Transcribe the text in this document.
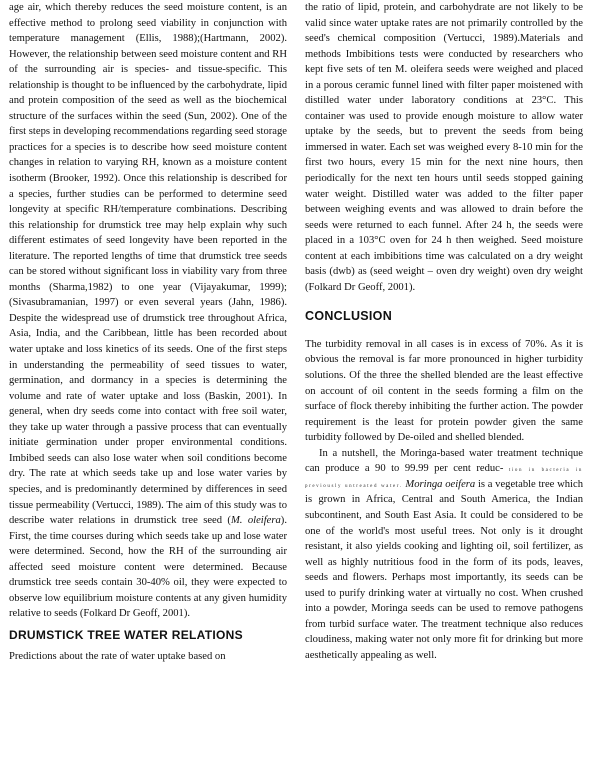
age air, which thereby reduces the seed moisture content, is an effective method to prolong seed viability in conjunction with temperature management (Ellis, 1988);(Hartmann, 2002). However, the relationship between seed moisture content and RH of the surrounding air is species- and tissue-specific. This relationship is thought to be influenced by the carbohydrate, lipid and protein composition of the seed as well as the biochemical structure of the surfaces within the seed (Sun, 2002). One of the first steps in developing recommendations regarding seed storage practices for a species is to describe how seed moisture content changes in relation to varying RH, known as a moisture content isotherm (Brooker, 1992). Once this relationship is described for a species, further studies can be performed to determine seed longevity at specific RH/temperature combinations. Describing this relationship for drumstick tree may help explain why such different estimates of seed longevity have been reported in the literature. The reported lengths of time that drumstick tree seeds can be stored without significant loss in viability vary from three months (Sharma,1982) to one year (Vijayakumar, 1999); (Sivasubramanian, 1997) or even several years (Jahn, 1986). Despite the widespread use of drumstick tree throughout Africa, Asia, India, and the Caribbean, little has been recorded about water uptake and loss kinetics of its seeds. One of the first steps in understanding the permeability of seed tissues to water, germination, and dormancy in a species is determining the volume and rate of water uptake and loss (Baskin, 2001). In general, when dry seeds come into contact with free soil water, they take up water through a passive process that can eventually initiate germination under proper environmental conditions. Imbibed seeds can also lose water when soil conditions become dry. The rate at which seeds take up and lose water varies by species, and is predominantly determined by differences in seed tissue permeability (Vertucci, 1989). The aim of this study was to describe water relations in drumstick tree seed (M. oleifera). First, the time courses during which seeds take up and lose water were determined. Second, how the RH of the surrounding air affected seed moisture content were determined. Because drumstick tree seeds contain 30-40% oil, they were expected to observe low equilibrium moisture contents at any given humidity relative to seeds (Folkard Dr Geoff, 2001).

DRUMSTICK TREE WATER RELATIONS

Predictions about the rate of water uptake based on

the ratio of lipid, protein, and carbohydrate are not likely to be valid since water uptake rates are not primarily controlled by the seed's chemical composition (Vertucci, 1989).Materials and methods Imbibitions tests were conducted by researchers who kept five sets of ten M. oleifera seeds were weighed and placed in a porous ceramic funnel lined with filter paper moistened with distilled water under laboratory conditions at 23°C. This container was used to provide enough moisture to allow water uptake by the seeds, but to prevent the seeds from being immersed in water. Each set was weighed every 8-10 min for the first two hours, every 15 min for the next nine hours, then periodically for the next ten hours until seeds stopped gaining water weight. Distilled water was added to the filter paper between weighing events and was allowed to drain before the seeds were returned to each funnel. After 24 h, the seeds were placed in a 103°C oven for 24 h then weighed. Seed moisture content at each imbibitions time was calculated on a dry weight basis (dwb) as (seed weight – oven dry weight) oven dry weight (Folkard Dr Geoff, 2001).

CONCLUSION

The turbidity removal in all cases is in excess of 70%. As it is obvious the removal is far more pronounced in higher turbidity solutions. Of the three the shelled blended are the least effective on account of oil content in the seeds forming a film on the surface of flock thereby inhibiting the further action. The powder requirement is the least for protein powder given the same turbidity followed by De-oiled and shelled blended.

In a nutshell, the Moringa-based water treatment technique can produce a 90 to 99.99 per cent reduc- tion in bacteria in previously untreated water. Moringa oeifera is a vegetable tree which is grown in Africa, Central and South America, the Indian subcontinent, and South East Asia. It could be considered to be one of the world's most useful trees. Not only is it drought resistant, it also yields cooking and lighting oil, soil fertilizer, as well as highly nutritious food in the form of its pods, leaves, seeds and flowers. Perhaps most importantly, its seeds can be used to purify drinking water at virtually no cost. When crushed into a powder, Moringa seeds can be used to remove pathogens from turbid surface water. The treatment technique also reduces cloudiness, making water not only more fit for drinking but more aesthetically appealing as well.
